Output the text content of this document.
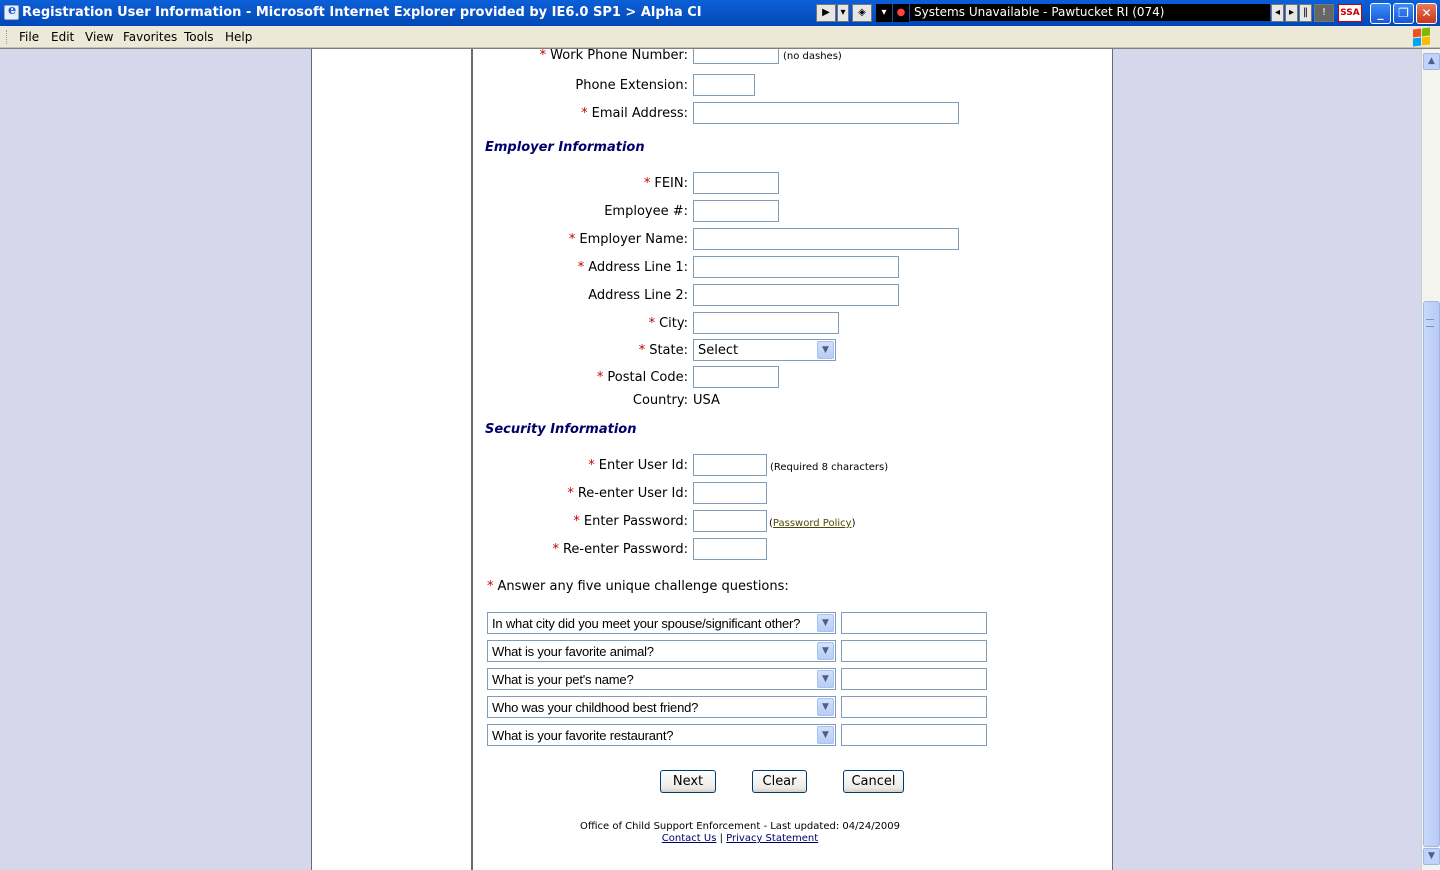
e
Registration User Information - Microsoft Internet Explorer provided by IE6.0 SP1 > Alpha CI	▶	▾	◈	▾	● Systems Unavailable - Pawtucket RI (074)	◂ ▸ ‖	!	SSA	_	❐	✕
File Edit View Favorites Tools Help
* Work Phone Number:	(no dashes)
Phone Extension:
* Email Address:
Employer Information
* FEIN:
Employee #:
* Employer Name:
* Address Line 1:
Address Line 2:
* City:
* State: Select	▼
* Postal Code:
Country: USA
Security Information
* Enter User Id:	(Required 8 characters)
* Re-enter User Id:
* Enter Password:	(Password Policy)
* Re-enter Password:
* Answer any five unique challenge questions:
In what city did you meet your spouse/significant other?	▼
What is your favorite animal?	▼
What is your pet's name?	▼
Who was your childhood best friend?	▼
What is your favorite restaurant?	▼
Next	Clear	Cancel
Office of Child Support Enforcement - Last updated: 04/24/2009
Contact Us | Privacy Statement
▲
▼
